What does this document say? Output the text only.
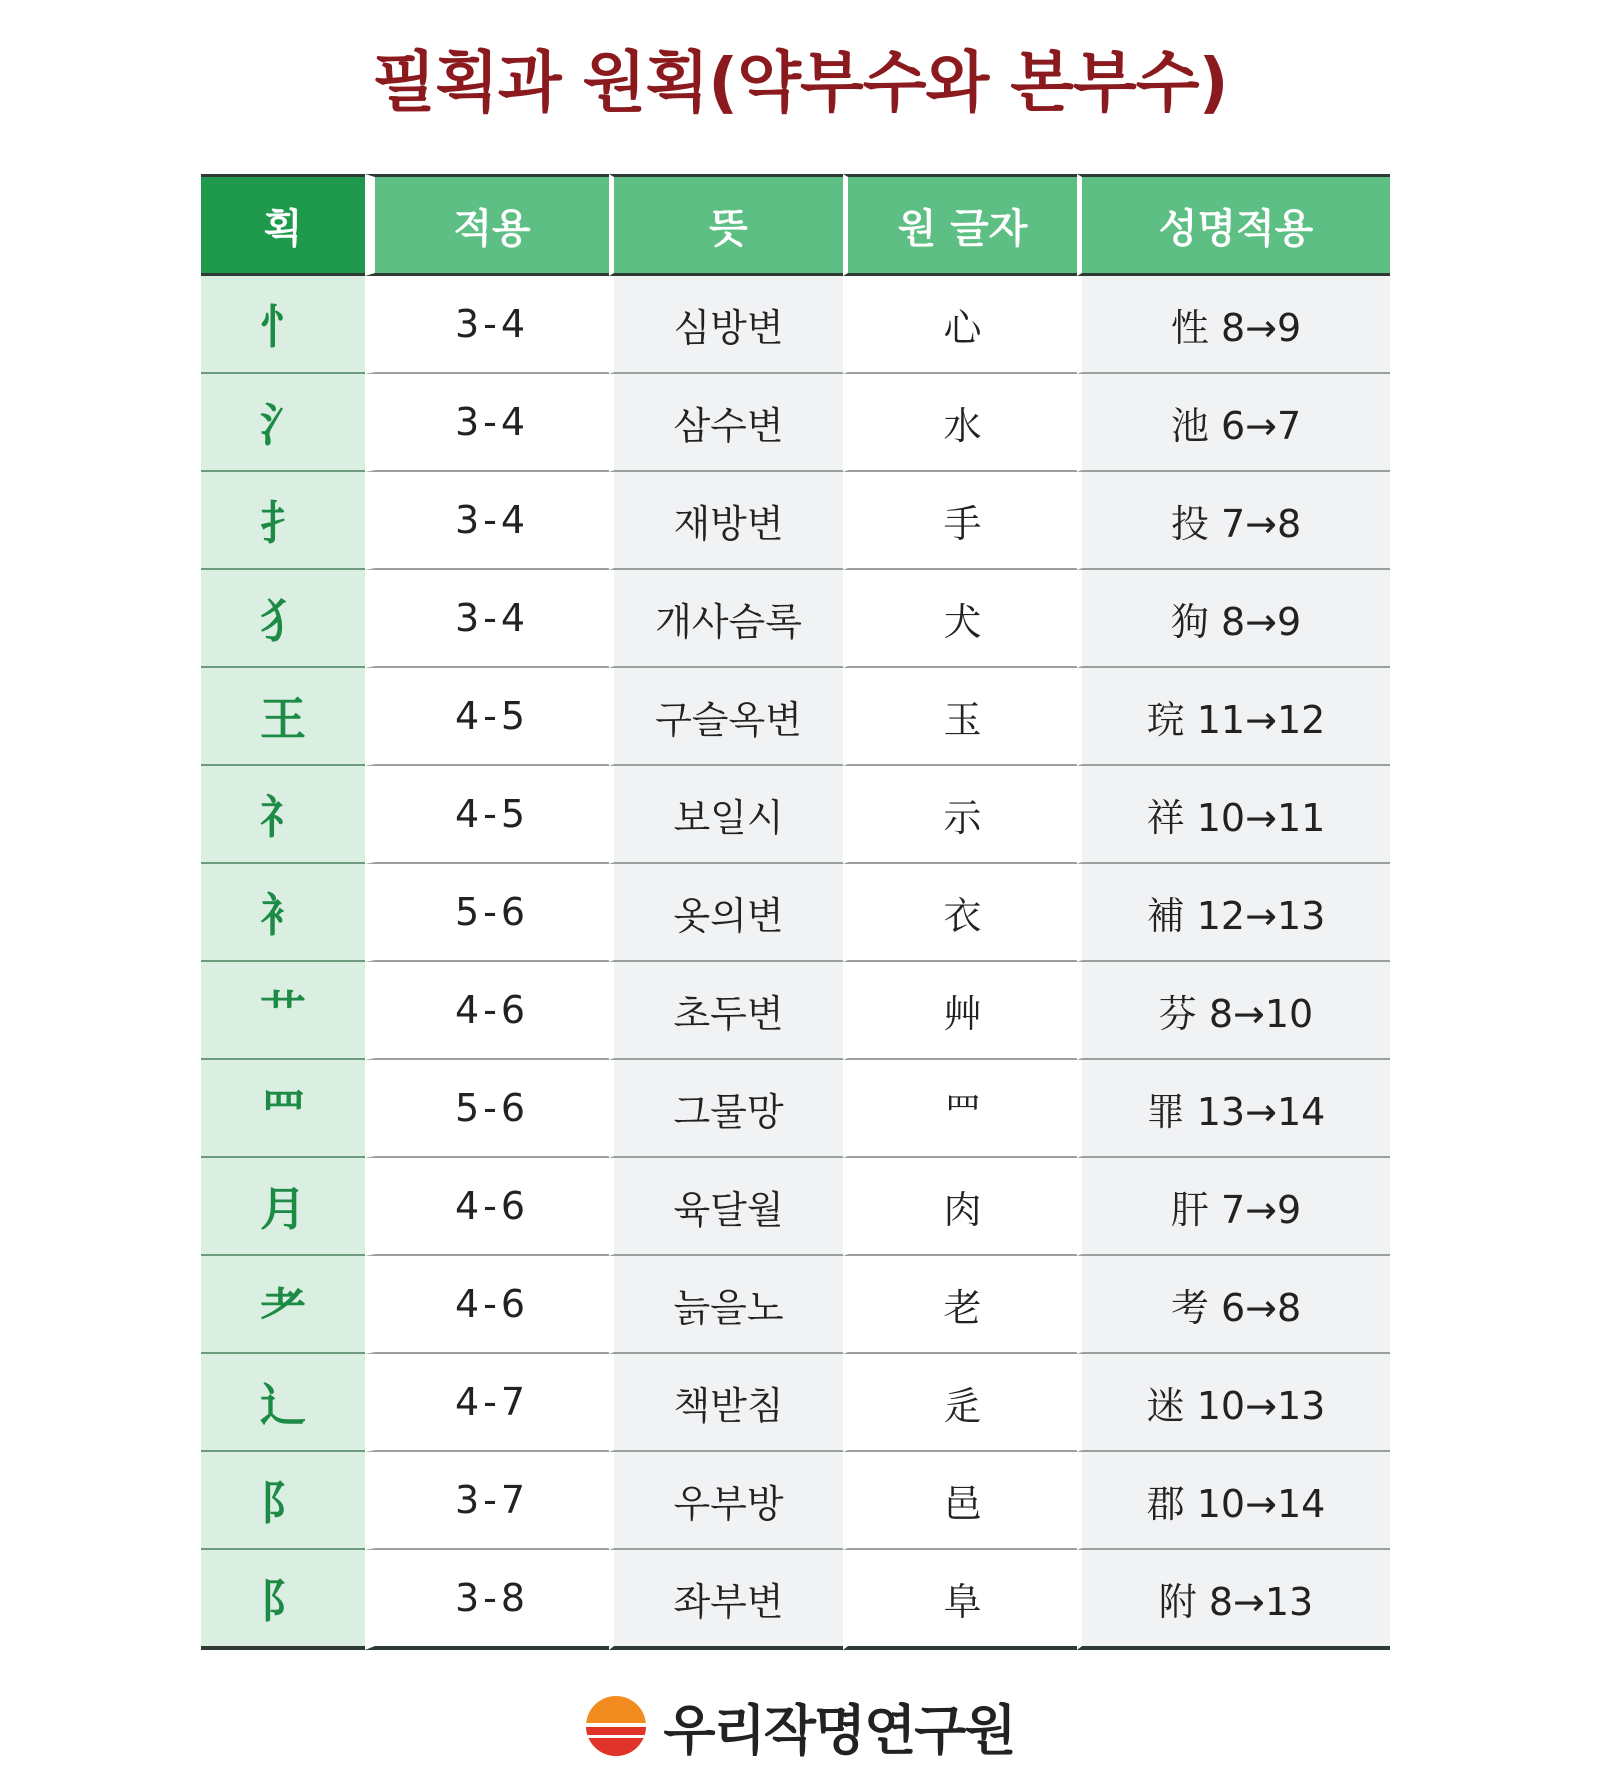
필획과 원획(약부수와 본부수)
획	적용	뜻	원 글자	성명적용
忄	3-4	심방변	心	性 8→9
氵	3-4	삼수변	水	池 6→7
扌	3-4	재방변	手	投 7→8
犭	3-4	개사슴록	犬	狗 8→9
王	4-5	구슬옥변	玉	琓 11→12
礻	4-5	보일시	示	祥 10→11
衤	5-6	옷의변	衣	補 12→13
艹	4-6	초두변	艸	芬 8→10
罒	5-6	그물망	罒	罪 13→14
月	4-6	육달월	肉	肝 7→9
耂	4-6	늙을노	老	考 6→8
辶	4-7	책받침	辵	迷 10→13
阝	3-7	우부방	邑	郡 10→14
阝	3-8	좌부변	阜	附 8→13
우리작명연구원
